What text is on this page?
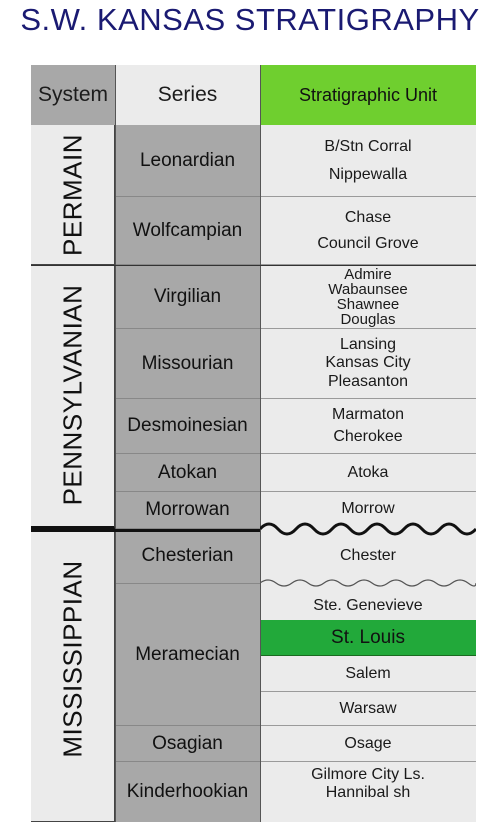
S.W. KANSAS STRATIGRAPHY
System	Series	Stratigraphic Unit
PERMAIN
PENNSYLVANIAN
MISSISSIPPIAN
Leonardian
Wolfcampian
Virgilian
Missourian
Desmoinesian
Atokan
Morrowan
Chesterian
Meramecian
Osagian
Kinderhookian
B/Stn Corral
Nippewalla
Chase
Council Grove
Admire
Wabaunsee
Shawnee
Douglas
Lansing
Kansas City
Pleasanton
Marmaton
Cherokee
Atoka
Morrow
Chester
Ste. Genevieve
St. Louis
Salem
Warsaw
Osage
Gilmore City Ls.
Hannibal sh
